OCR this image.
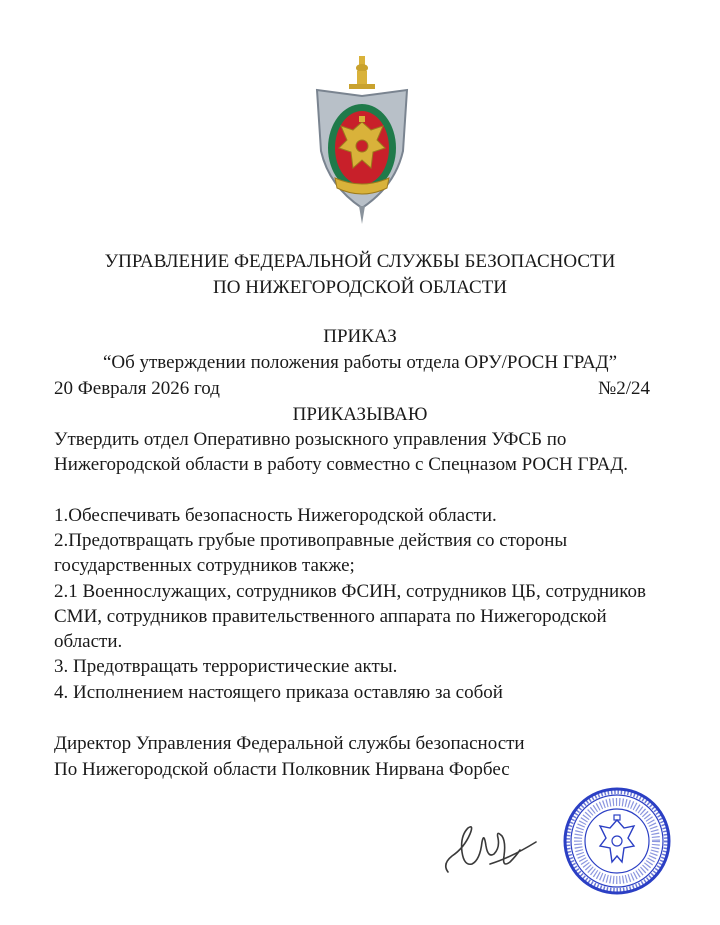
УПРАВЛЕНИЕ ФЕДЕРАЛЬНОЙ СЛУЖБЫ БЕЗОПАСНОСТИ

ПО НИЖЕГОРОДСКОЙ ОБЛАСТИ

ПРИКАЗ

“Об утверждении положения работы отдела ОРУ/РОСН ГРАД”

20 Февраля 2026 год	№2/24

ПРИКАЗЫВАЮ

Утвердить отдел Оперативно розыскного управления УФСБ по

Нижегородской области в работу совместно с Спецназом РОСН ГРАД.

1.Обеспечивать безопасность Нижегородской области.

2.Предотвращать грубые противоправные действия со стороны

государственных сотрудников также;

2.1 Военнослужащих, сотрудников ФСИН, сотрудников ЦБ, сотрудников

СМИ, сотрудников правительственного аппарата по Нижегородской

области.

3. Предотвращать террористические акты.

4. Исполнением настоящего приказа оставляю за собой

Директор Управления Федеральной службы безопасности

По Нижегородской области Полковник Нирвана Форбес
